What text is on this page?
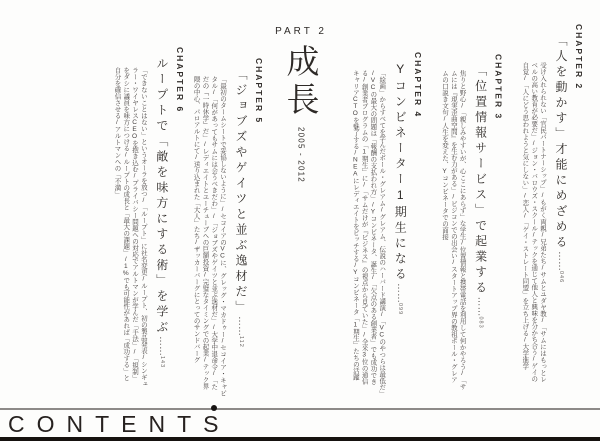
CHAPTER 2
「人を動かす」才能にめざめる……046
受け入れられない「官民パートナーシップ」/もがく両親/兄弟たち/サムとユダヤ教/「サムにはもっとレ
ベルの高い教育が必要だ」/ジョン・バロウズ・スクール/テックを通じて他人と興味を分かち合う/ゲイの
自覚/「人にどう思われようと気にしない」/恋人/「ゲイ・ストレート同盟」を立ち上げる/大学進学
CHAPTER 3
「位置情報サービス」で起業する……083
焦りと野心/「親しみやすいが、心ここにあらず」な学生/位置情報と携帯電話を利用して何かやろう/「サ
ムには『現実歪曲空間』を生む力がある」/ビジコンでの出会い/スタートアップ界の教祖ポール・グレア
ムの口説き文句/人生を変えた、Yコンビネータでの面接
CHAPTER 4
Yコンビネーター1期生になる……099
「絵画」からすべてを学んだポール・グレアム/グレアム、伝説のハーバード講演/「VCのやつらは最低だ」
/VCの最大の問題は「報酬の支払われ方」/Yコンビネータ、誕生/「欠点のある創業者」でも成功でき
る/創業者プログラムの「1期生」に/「サムだけが『ビジネス』の視点から見ていた」/全米3位の通信
キャリアCTOを魅了する/NEAにレディエイトをピッチする/Yコンビネータ「1期生」たちの活躍
PART 2
成長
2005 - 2012
CHAPTER 5
「ジョブズやゲイツと並ぶ逸材だ」……112
「最初のタームシートで妥協しないように」/セコイアのVCに、グレッグ・マカドゥー/セコイア・キャピ
タル/「何があってもサムには会うべきだわ」/「ジョブズやゲイツと並ぶ逸材だ」/大学中退命令/「た
だの『一時休学』だ」/レディエイトとユーチューブへの巨額投資/完璧なタイミングでの起業/テック界
隈の中心、パロアルトにて/送り込まれた「大人」たち/ザッカーバーグにとってのサンドバーグ
CHAPTER 6
ループトで「敵を味方にする術」を学ぶ……143
「できないことはない」というオーラを放つ/「ループト」に社名変更/ループト、初の製品発表/シンギュ
ラー・ワイヤレスCEOを抱き込む/プライバシー問題への対応でアルトマンが学んだ「手法」/「規制」
をダシに議員を味方につける/ループトの成長と「最大の課題」/1%でも可能性があれば「成功する」と
自分を確信させる/アルトマンへの「不満」
CONTENTS
